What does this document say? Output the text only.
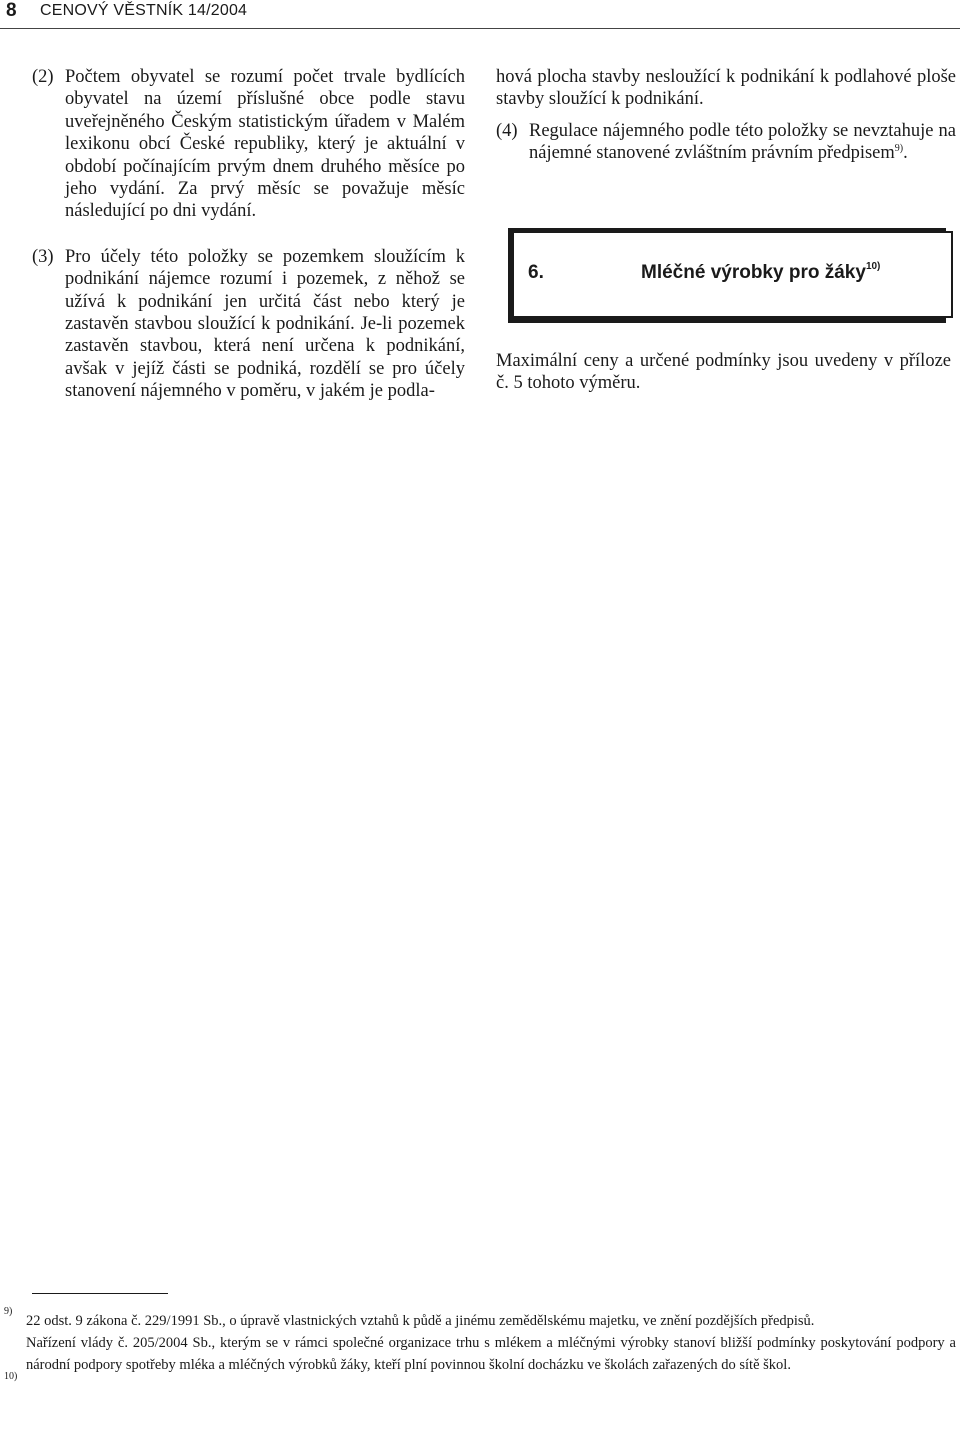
8 CENOVÝ VĚSTNÍK 14/2004

(2) Počtem obyvatel se rozumí počet trvale bydlících obyvatel na území příslušné obce podle stavu uveřejněného Českým statistickým úřadem v Malém lexikonu obcí České republiky, který je aktuální v období počínajícím prvým dnem druhého měsíce po jeho vydání. Za prvý měsíc se považuje měsíc následující po dni vydání.

(3) Pro účely této položky se pozemkem sloužícím k podnikání nájemce rozumí i pozemek, z něhož se užívá k podnikání jen určitá část nebo který je zastavěn stavbou sloužící k podnikání. Je-li pozemek zastavěn stavbou, která není určena k podnikání, avšak v jejíž části se podniká, rozdělí se pro účely stanovení nájemného v poměru, v jakém je podla-

hová plocha stavby nesloužící k podnikání k podlahové ploše stavby sloužící k podnikání.

(4) Regulace nájemného podle této položky se nevztahuje na nájemné stanovené zvláštním právním předpisem$^{9)}$.

6.	Mléčné výrobky pro žáky$^{10)}$

Maximální ceny a určené podmínky jsou uvedeny v příloze č. 5 tohoto výměru.

9)
22 odst. 9 zákona č. 229/1991 Sb., o úpravě vlastnických vztahů k půdě a jinému zemědělskému majetku, ve znění pozdějších předpisů.
10)
Nařízení vlády č. 205/2004 Sb., kterým se v rámci společné organizace trhu s mlékem a mléčnými výrobky stanoví bližší podmínky poskytování podpory a národní podpory spotřeby mléka a mléčných výrobků žáky, kteří plní povinnou školní docházku ve školách zařazených do sítě škol.
